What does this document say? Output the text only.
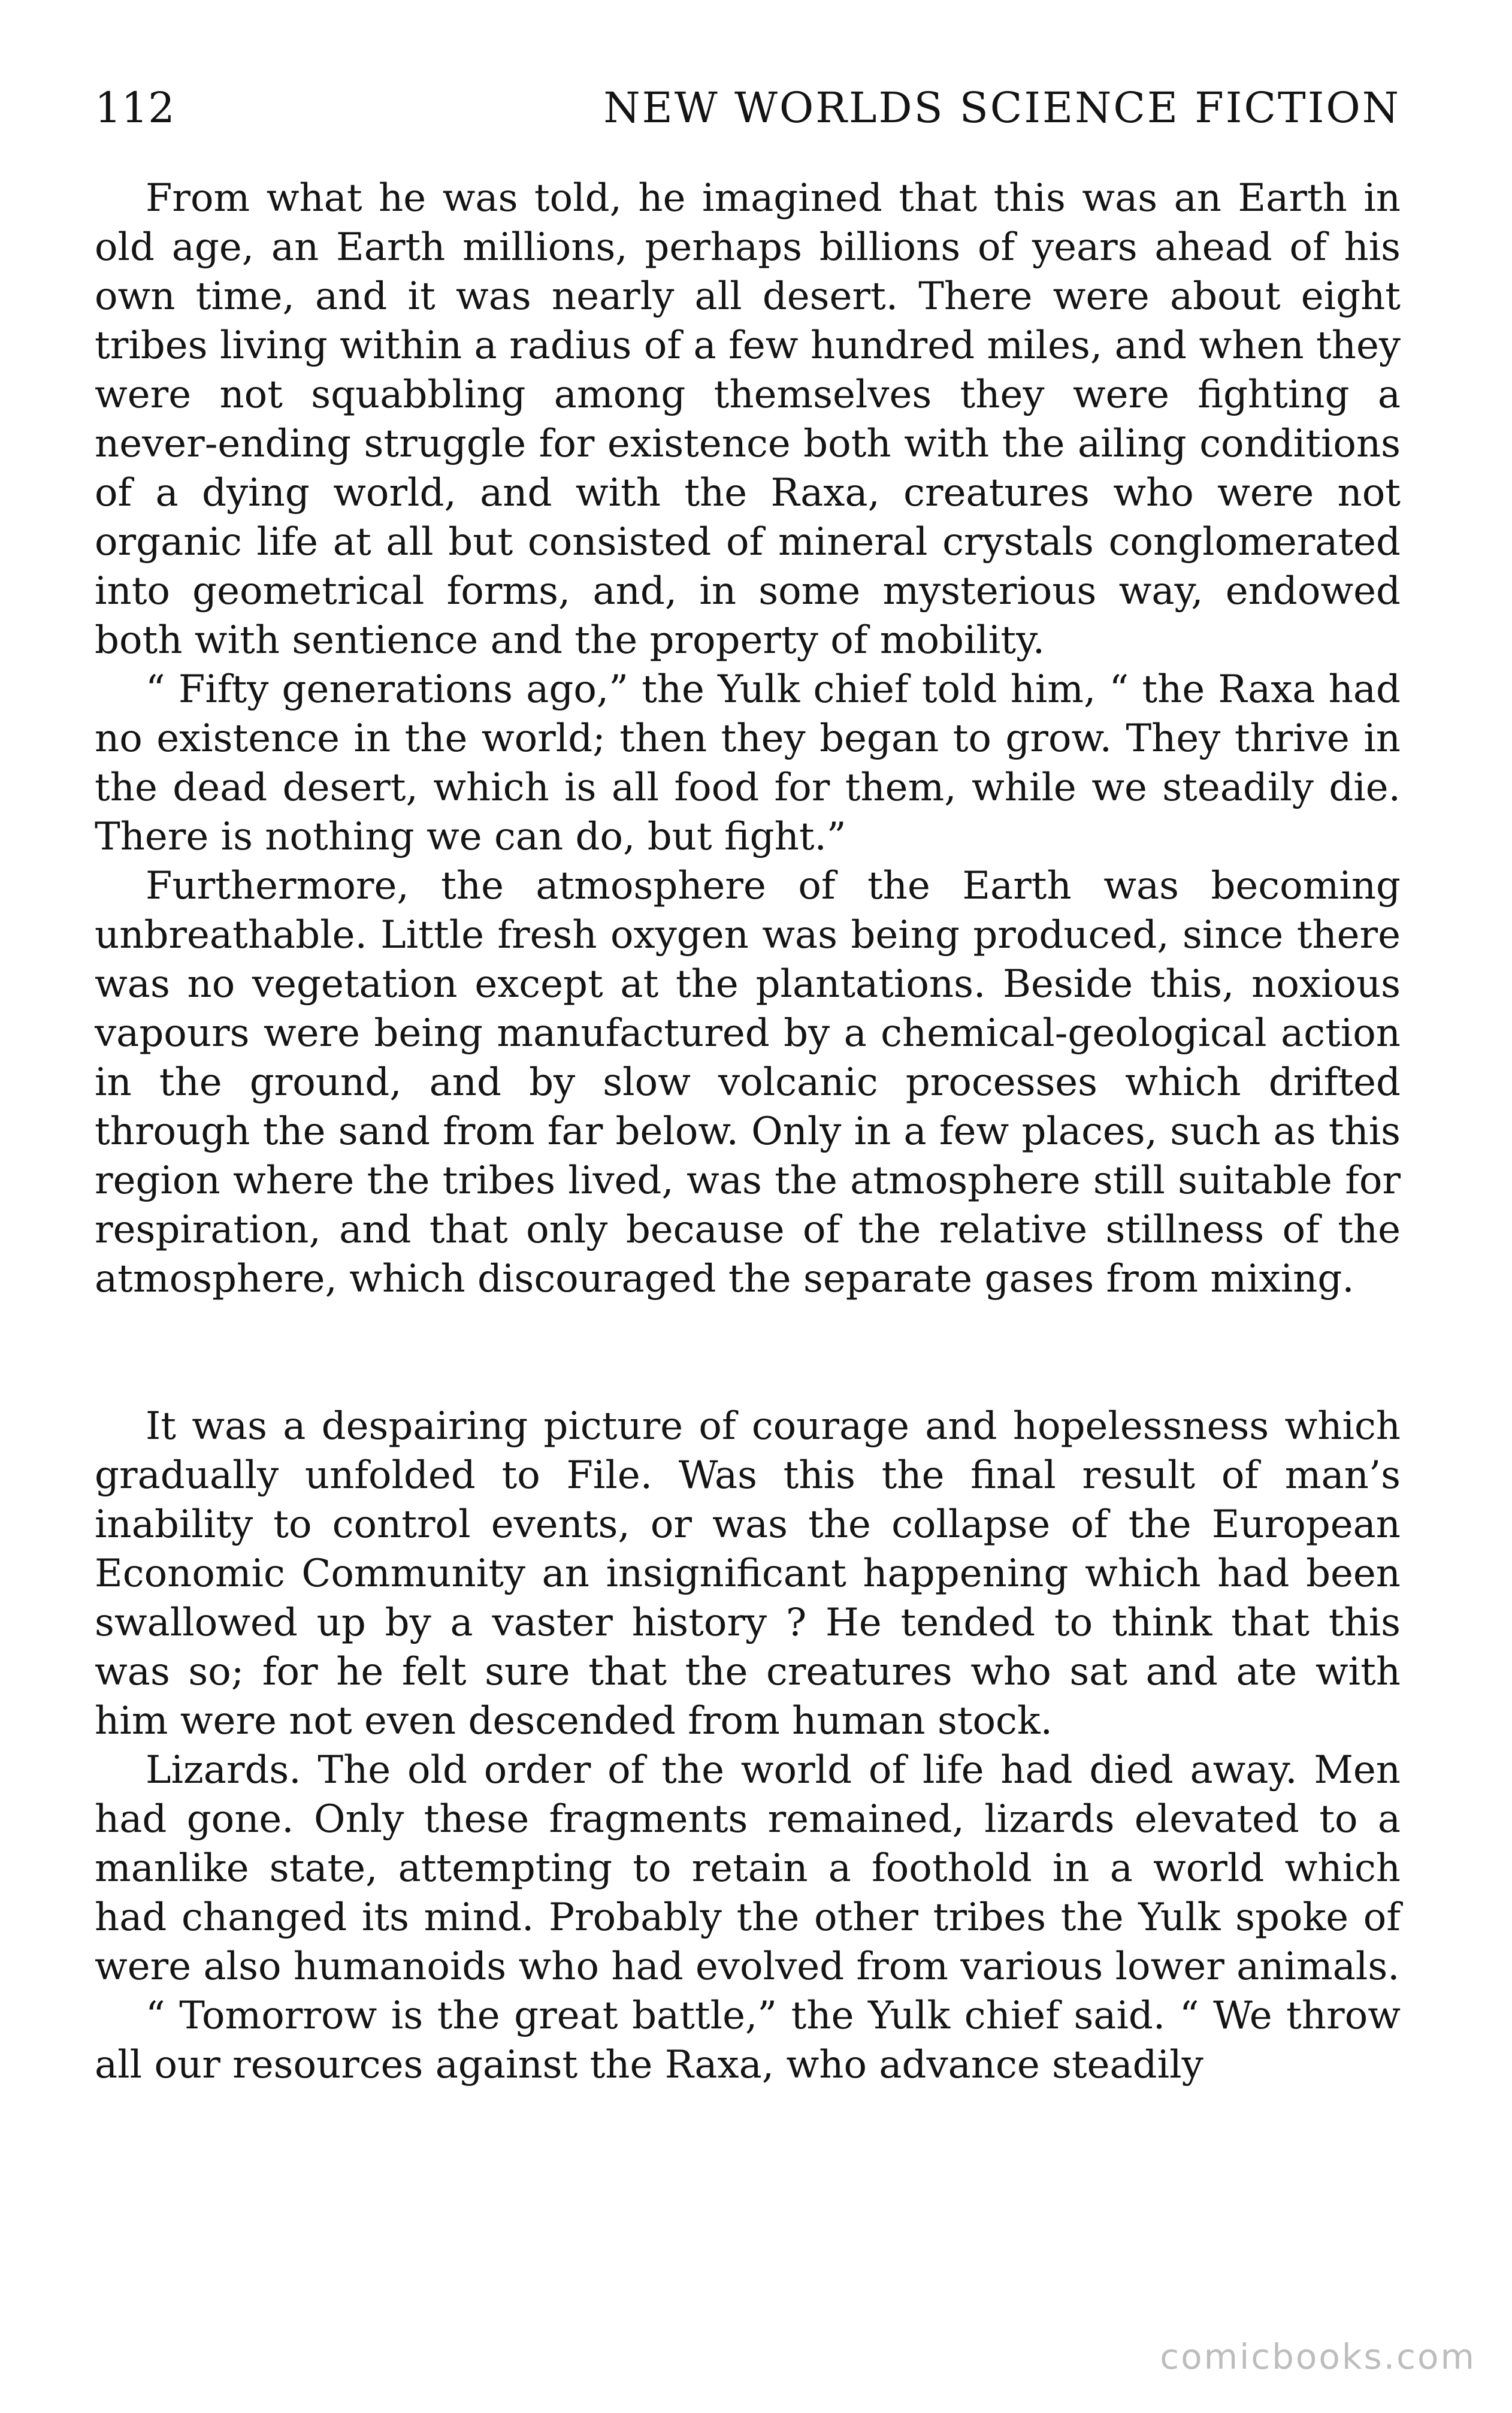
112	NEW WORLDS SCIENCE FICTION

From what he was told, he imagined that this was an Earth in old age, an Earth millions, perhaps billions of years ahead of his own time, and it was nearly all desert. There were about eight tribes living within a radius of a few hundred miles, and when they were not squabbling among themselves they were fighting a never-ending struggle for existence both with the ailing conditions of a dying world, and with the Raxa, creatures who were not organic life at all but consisted of mineral crystals conglomerated into geometrical forms, and, in some mysterious way, endowed both with sentience and the property of mobility.

“ Fifty generations ago,” the Yulk chief told him, “ the Raxa had no existence in the world; then they began to grow. They thrive in the dead desert, which is all food for them, while we steadily die. There is nothing we can do, but fight.”

Furthermore, the atmosphere of the Earth was becoming unbreathable. Little fresh oxygen was being produced, since there was no vegetation except at the plantations. Beside this, noxious vapours were being manufactured by a chemical-geological action in the ground, and by slow volcanic processes which drifted through the sand from far below. Only in a few places, such as this region where the tribes lived, was the atmosphere still suitable for respiration, and that only because of the relative stillness of the atmosphere, which discouraged the separate gases from mixing.

It was a despairing picture of courage and hopelessness which gradually unfolded to File. Was this the final result of man’s inability to control events, or was the collapse of the European Economic Community an insignificant happening which had been swallowed up by a vaster history ? He tended to think that this was so; for he felt sure that the creatures who sat and ate with him were not even descended from human stock.

Lizards. The old order of the world of life had died away. Men had gone. Only these fragments remained, lizards elevated to a manlike state, attempting to retain a foothold in a world which had changed its mind. Probably the other tribes the Yulk spoke of were also humanoids who had evolved from various lower animals.

“ Tomorrow is the great battle,” the Yulk chief said. “ We throw all our resources against the Raxa, who advance steadily

comicbooks.com
